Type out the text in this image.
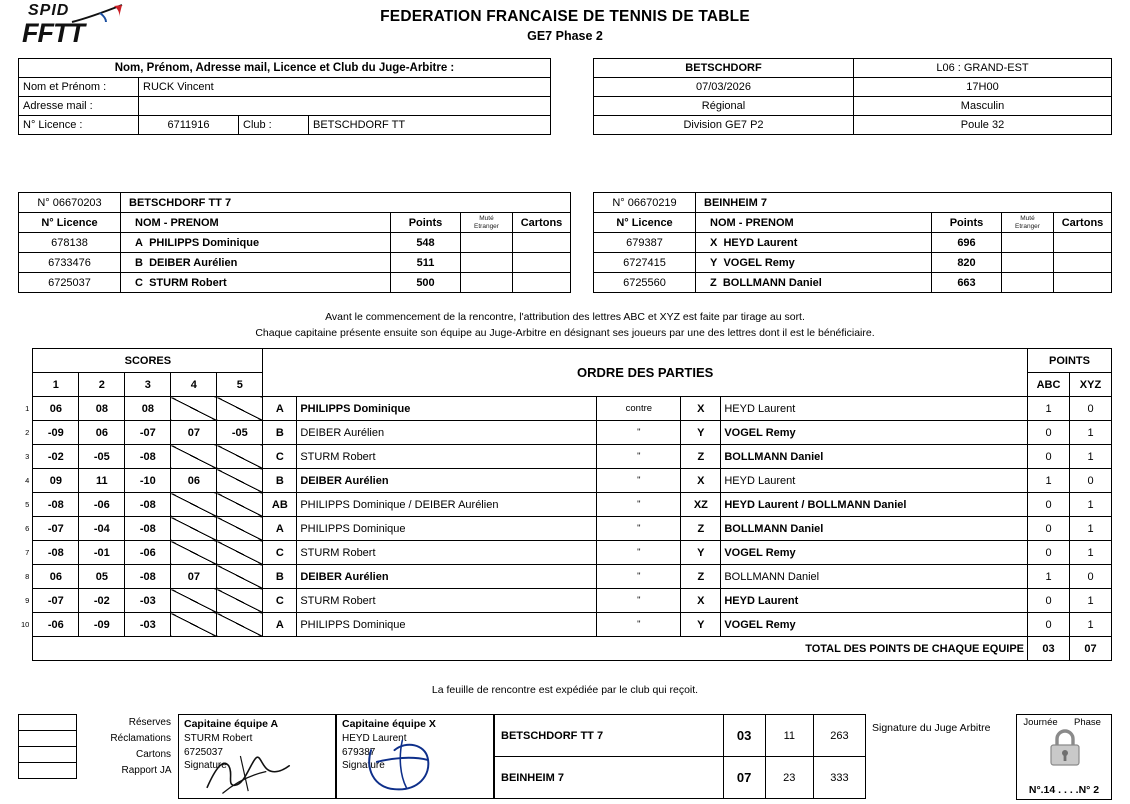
SPID
FFTT
FEDERATION FRANCAISE DE TENNIS DE TABLE
GE7 Phase 2
Nom, Prénom, Adresse mail, Licence et Club du Juge-Arbitre :			
Nom et Prénom :	RUCK Vincent		
Adresse mail :			
N° Licence :	6711916	Club :	BETSCHDORF TT
BETSCHDORF	L06 : GRAND-EST
07/03/2026	17H00
Régional	Masculin
Division GE7 P2	Poule 32
N° 06670203	BETSCHDORF TT 7			
N° Licence	NOM - PRENOM	Points	Muté
Etranger	Cartons
678138	A PHILIPPS Dominique	548		
6733476	B DEIBER Aurélien	511		
6725037	C STURM Robert	500		
N° 06670219	BEINHEIM 7			
N° Licence	NOM - PRENOM	Points	Muté
Etranger	Cartons
679387	X HEYD Laurent	696		
6727415	Y VOGEL Remy	820		
6725560	Z BOLLMANN Daniel	663		
Avant le commencement de la rencontre, l'attribution des lettres ABC et XYZ est faite par tirage au sort.
Chaque capitaine présente ensuite son équipe au Juge-Arbitre en désignant ses joueurs par une des lettres dont il est le bénéficiaire.
	SCORES					ORDRE DES PARTIES					POINTS	
	1	2	3	4	5						ABC	XYZ
1	06	08	08			A	PHILIPPS Dominique	contre	X	HEYD Laurent	1	0
2	-09	06	-07	07	-05	B	DEIBER Aurélien	"	Y	VOGEL Remy	0	1
3	-02	-05	-08			C	STURM Robert	"	Z	BOLLMANN Daniel	0	1
4	09	11	-10	06		B	DEIBER Aurélien	"	X	HEYD Laurent	1	0
5	-08	-06	-08			AB	PHILIPPS Dominique / DEIBER Aurélien	"	XZ	HEYD Laurent / BOLLMANN Daniel	0	1
6	-07	-04	-08			A	PHILIPPS Dominique	"	Z	BOLLMANN Daniel	0	1
7	-08	-01	-06			C	STURM Robert	"	Y	VOGEL Remy	0	1
8	06	05	-08	07		B	DEIBER Aurélien	"	Z	BOLLMANN Daniel	1	0
9	-07	-02	-03			C	STURM Robert	"	X	HEYD Laurent	0	1
10	-06	-09	-03			A	PHILIPPS Dominique	"	Y	VOGEL Remy	0	1
	TOTAL DES POINTS DE CHAQUE EQUIPE										03	07
La feuille de rencontre est expédiée par le club qui reçoit.
	Réserves
	Réclamations
	Cartons
	Rapport JA
Capitaine équipe A
STURM Robert
6725037
Signature
Capitaine équipe X
HEYD Laurent
679387
Signature
BETSCHDORF TT 7	03	11	263
BEINHEIM 7	07	23	333
Signature du Juge Arbitre	Journée	Phase
N°.14 . . . .N° 2
